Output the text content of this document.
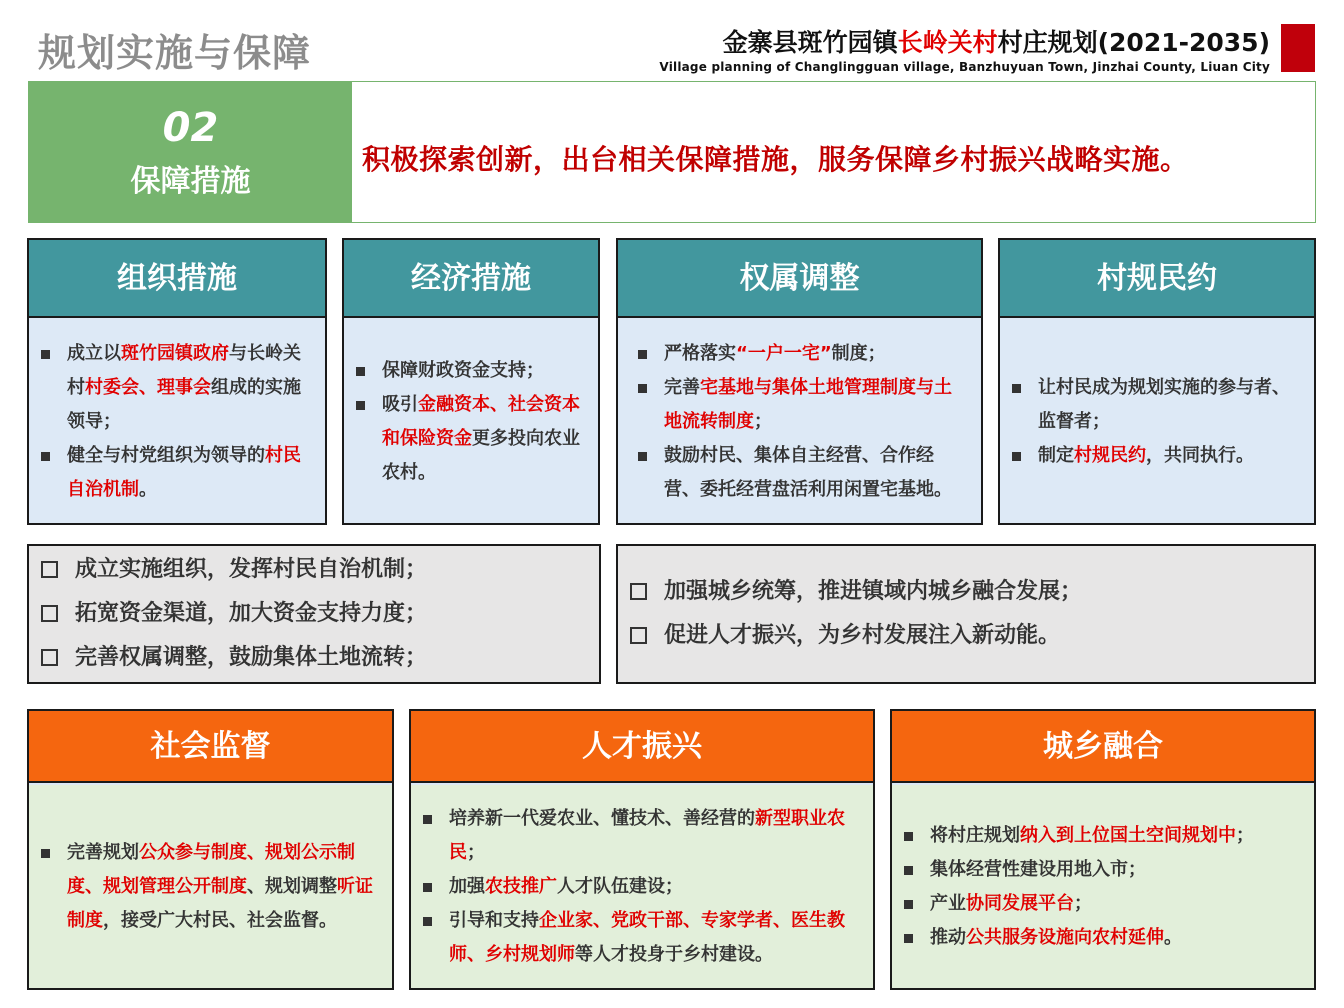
规划实施与保障	金寨县斑竹园镇长岭关村村庄规划(2021-2035)
Village planning of Changlingguan village, Banzhuyuan Town, Jinzhai County, Liuan City
02
保障措施
积极探索创新，出台相关保障措施，服务保障乡村振兴战略实施。
组织措施
成立以斑竹园镇政府与长岭关村村委会、理事会组成的实施领导；
健全与村党组织为领导的村民自治机制。
经济措施
保障财政资金支持；
吸引金融资本、社会资本和保险资金更多投向农业农村。
权属调整
严格落实“一户一宅”制度；
完善宅基地与集体土地管理制度与土地流转制度；
鼓励村民、集体自主经营、合作经营、委托经营盘活利用闲置宅基地。
村规民约
让村民成为规划实施的参与者、监督者；
制定村规民约，共同执行。
成立实施组织，发挥村民自治机制；
拓宽资金渠道，加大资金支持力度；
完善权属调整，鼓励集体土地流转；
加强城乡统筹，推进镇域内城乡融合发展；
促进人才振兴，为乡村发展注入新动能。
社会监督
完善规划公众参与制度、规划公示制度、规划管理公开制度、规划调整听证制度，接受广大村民、社会监督。
人才振兴
培养新一代爱农业、懂技术、善经营的新型职业农民；
加强农技推广人才队伍建设；
引导和支持企业家、党政干部、专家学者、医生教师、乡村规划师等人才投身于乡村建设。
城乡融合
将村庄规划纳入到上位国土空间规划中；
集体经营性建设用地入市；
产业协同发展平台；
推动公共服务设施向农村延伸。
